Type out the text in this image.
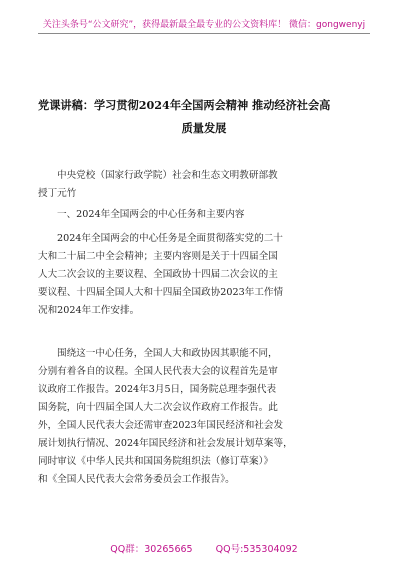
关注头条号“公文研究”，获得最新最全最专业的公文资料库！ 微信：gongwenyj
党课讲稿：学习贯彻2024年全国两会精神 推动经济社会高
质量发展
中央党校（国家行政学院）社会和生态文明教研部教
授丁元竹
一、2024年全国两会的中心任务和主要内容
2024年全国两会的中心任务是全面贯彻落实党的二十
大和二十届二中全会精神；主要内容则是关于十四届全国
人大二次会议的主要议程、全国政协十四届二次会议的主
要议程、十四届全国人大和十四届全国政协2023年工作情
况和2024年工作安排。
围绕这一中心任务，全国人大和政协因其职能不同，
分别有着各自的议程。全国人民代表大会的议程首先是审
议政府工作报告。2024年3月5日，国务院总理李强代表
国务院，向十四届全国人大二次会议作政府工作报告。此
外，全国人民代表大会还需审查2023年国民经济和社会发
展计划执行情况、2024年国民经济和社会发展计划草案等，
同时审议《中华人民共和国国务院组织法（修订草案）》
和《全国人民代表大会常务委员会工作报告》。
QQ群：30265665 QQ号:535304092
